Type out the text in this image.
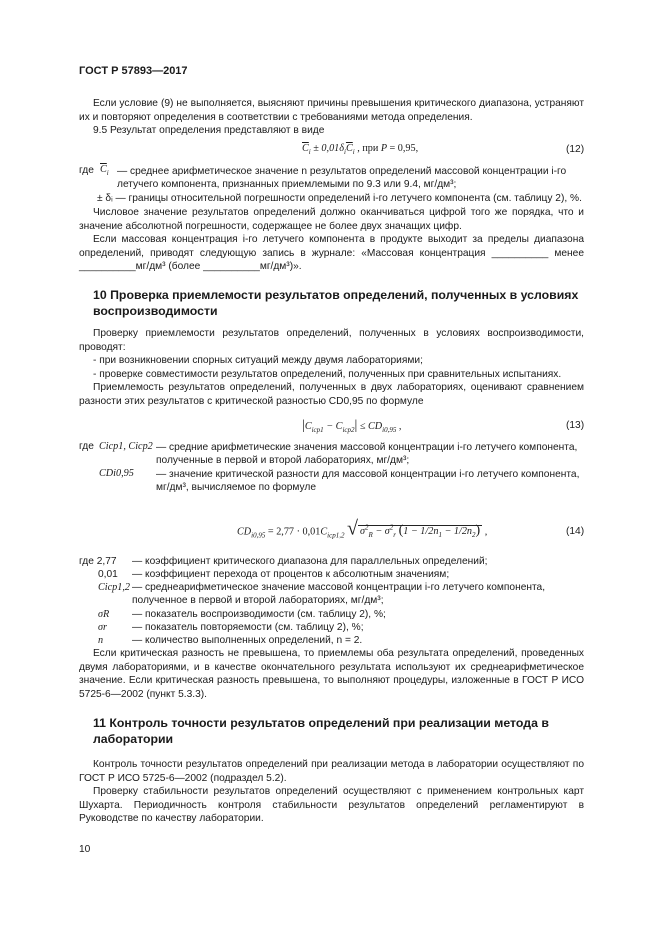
ГОСТ Р 57893—2017
Если условие (9) не выполняется, выясняют причины превышения критического диапазона, устраняют их и повторяют определения в соответствии с требованиями метода определения.
9.5 Результат определения представляют в виде
$\overline{C}_i \pm 0,01\delta_i\overline{C}_i$ , при P = 0,95,	(12)
где $\overline{C}_i$ — среднее арифметическое значение n результатов определений массовой концентрации i-го летучего компонента, признанных приемлемыми по 9.3 или 9.4, мг/дм³;
± δᵢ — границы относительной погрешности определений i-го летучего компонента (см. таблицу 2), %.
Числовое значение результатов определений должно оканчиваться цифрой того же порядка, что и значение абсолютной погрешности, содержащее не более двух значащих цифр.
Если массовая концентрация i-го летучего компонента в продукте выходит за пределы диапазона определений, приводят следующую запись в журнале: «Массовая концентрация __________ менее __________мг/дм³ (более __________мг/дм³)».
10 Проверка приемлемости результатов определений, полученных в условиях воспроизводимости
Проверку приемлемости результатов определений, полученных в условиях воспроизводимости, проводят:
- при возникновении спорных ситуаций между двумя лабораториями;
- проверке совместимости результатов определений, полученных при сравнительных испытаниях.
Приемлемость результатов определений, полученных в двух лабораториях, оценивают сравнением разности этих результатов с критической разностью CD0,95 по формуле
$|C_{icp1} - C_{icp2}| \le CD_{i0,95}$ ,	(13)
где Cicp1, Cicp2 — средние арифметические значения массовой концентрации i-го летучего компонента, полученные в первой и второй лабораториях, мг/дм³;
CDi0,95 — значение критической разности для массовой концентрации i-го летучего компонента, мг/дм³, вычисляемое по формуле
$CD_{i0,95} = 2,77 \cdot 0,01C_{icp1,2}$ √ $\sigma^2_R - \sigma^2_r$ $(1 - 1/2n_1 - 1/2n_2)$ ,	(14)
где 2,77 — коэффициент критического диапазона для параллельных определений;
0,01 — коэффициент перехода от процентов к абсолютным значениям;
Cicp1,2 — среднеарифметическое значение массовой концентрации i-го летучего компонента, полученное в первой и второй лабораториях, мг/дм³;
σR — показатель воспроизводимости (см. таблицу 2), %;
σr — показатель повторяемости (см. таблицу 2), %;
n	— количество выполненных определений, n = 2.
Если критическая разность не превышена, то приемлемы оба результата определений, проведенных двумя лабораториями, и в качестве окончательного результата используют их среднеарифметическое значение. Если критическая разность превышена, то выполняют процедуры, изложенные в ГОСТ Р ИСО 5725-6—2002 (пункт 5.3.3).
11 Контроль точности результатов определений при реализации метода в лаборатории
Контроль точности результатов определений при реализации метода в лаборатории осуществляют по ГОСТ Р ИСО 5725-6—2002 (подраздел 5.2).
Проверку стабильности результатов определений осуществляют с применением контрольных карт Шухарта. Периодичность контроля стабильности результатов определений регламентируют в Руководстве по качеству лаборатории.
10
